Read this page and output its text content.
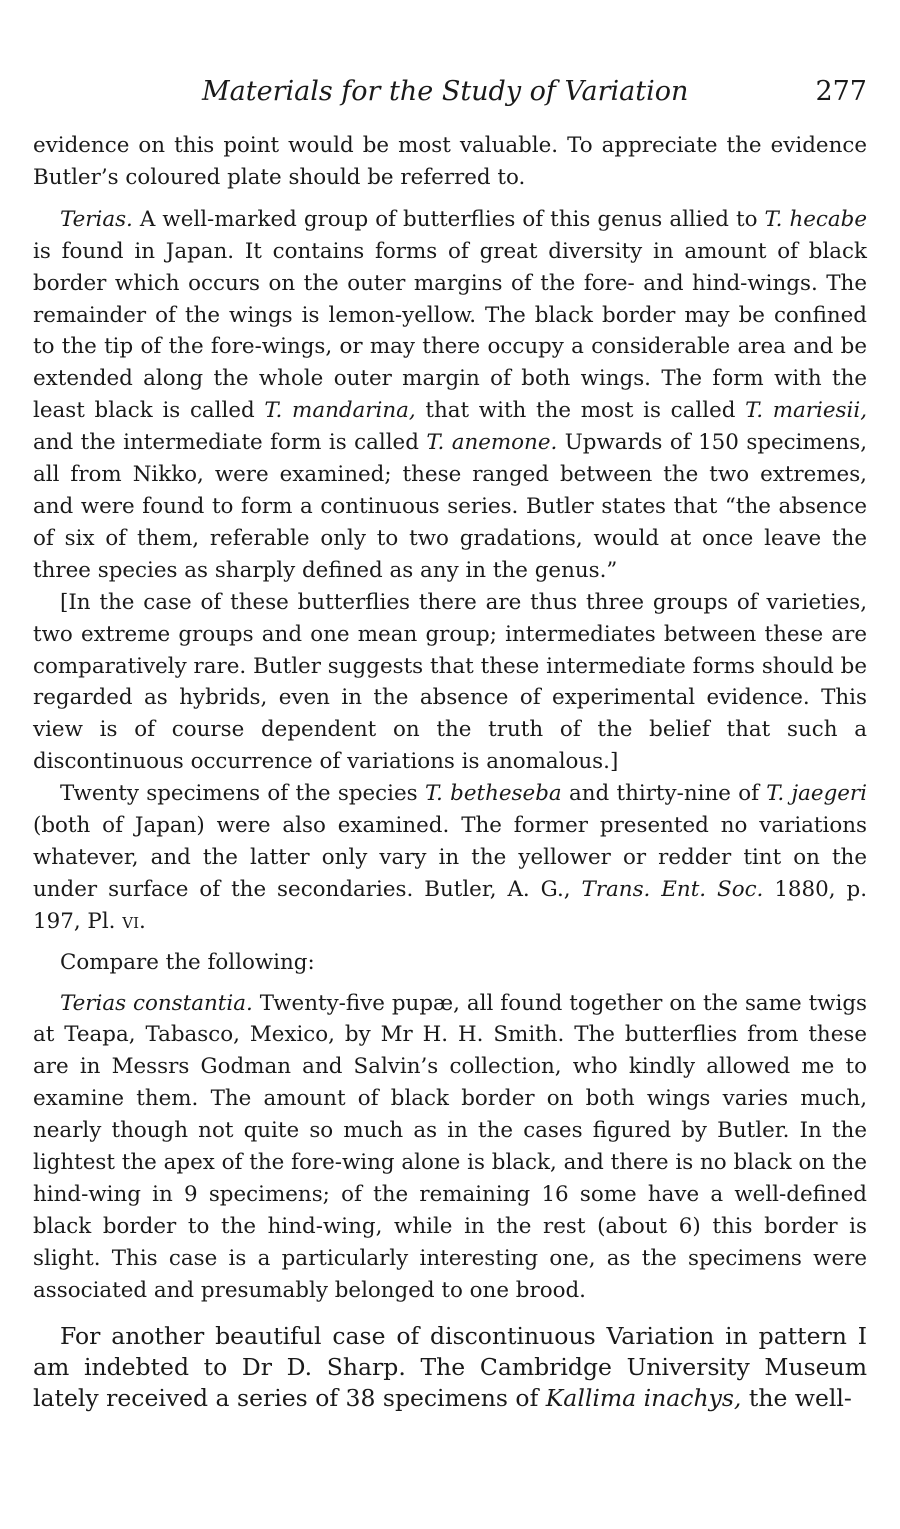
Materials for the Study of Variation	277

evidence on this point would be most valuable. To appreciate the evidence Butler’s coloured plate should be referred to.

Terias. A well-marked group of butterflies of this genus allied to T. hecabe is found in Japan. It contains forms of great diversity in amount of black border which occurs on the outer margins of the fore- and hind-wings. The remainder of the wings is lemon-yellow. The black border may be confined to the tip of the fore-wings, or may there occupy a considerable area and be extended along the whole outer margin of both wings. The form with the least black is called T. mandarina, that with the most is called T. mariesii, and the intermediate form is called T. anemone. Upwards of 150 specimens, all from Nikko, were examined; these ranged between the two extremes, and were found to form a continuous series. Butler states that “the absence of six of them, referable only to two gradations, would at once leave the three species as sharply defined as any in the genus.”

[In the case of these butterflies there are thus three groups of varieties, two extreme groups and one mean group; intermediates between these are comparatively rare. Butler suggests that these intermediate forms should be regarded as hybrids, even in the absence of experimental evidence. This view is of course dependent on the truth of the belief that such a discontinuous occurrence of variations is anomalous.]

Twenty specimens of the species T. betheseba and thirty-nine of T. jaegeri (both of Japan) were also examined. The former presented no variations whatever, and the latter only vary in the yellower or redder tint on the under surface of the secondaries. Butler, A. G., Trans. Ent. Soc. 1880, p. 197, Pl. vi.

Compare the following:

Terias constantia. Twenty-five pupæ, all found together on the same twigs at Teapa, Tabasco, Mexico, by Mr H. H. Smith. The butterflies from these are in Messrs Godman and Salvin’s collection, who kindly allowed me to examine them. The amount of black border on both wings varies much, nearly though not quite so much as in the cases figured by Butler. In the lightest the apex of the fore-wing alone is black, and there is no black on the hind-wing in 9 specimens; of the remaining 16 some have a well-defined black border to the hind-wing, while in the rest (about 6) this border is slight. This case is a particularly interesting one, as the specimens were associated and presumably belonged to one brood.

For another beautiful case of discontinuous Variation in pattern I am indebted to Dr D. Sharp. The Cambridge University Museum lately received a series of 38 specimens of Kallima inachys, the well-
